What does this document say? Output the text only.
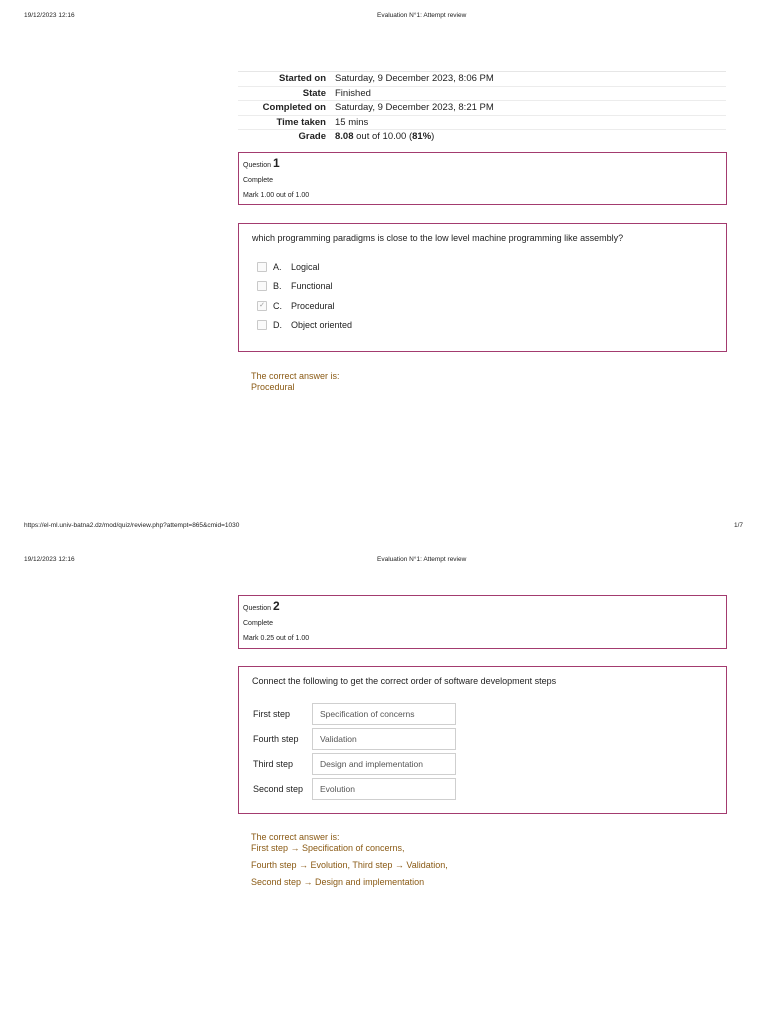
19/12/2023 12:16	Evaluation N°1: Attempt review
Started on Saturday, 9 December 2023, 8:06 PM
State Finished
Completed on Saturday, 9 December 2023, 8:21 PM
Time taken 15 mins
Grade 8.08 out of 10.00 (81%)
Question 1
Complete
Mark 1.00 out of 1.00
which programming paradigms is close to the low level machine programming like assembly?
A.	Logical
B.	Functional
✓ C.	Procedural
D.	Object oriented
The correct answer is:
Procedural
https://el-ml.univ-batna2.dz/mod/quiz/review.php?attempt=865&cmid=1030	1/7
19/12/2023 12:16	Evaluation N°1: Attempt review
Question 2
Complete
Mark 0.25 out of 1.00
Connect the following to get the correct order of software development steps
First step	Specification of concerns
Fourth step	Validation
Third step	Design and implementation
Second step	Evolution
The correct answer is:
First step → Specification of concerns,
Fourth step → Evolution, Third step → Validation,
Second step → Design and implementation
